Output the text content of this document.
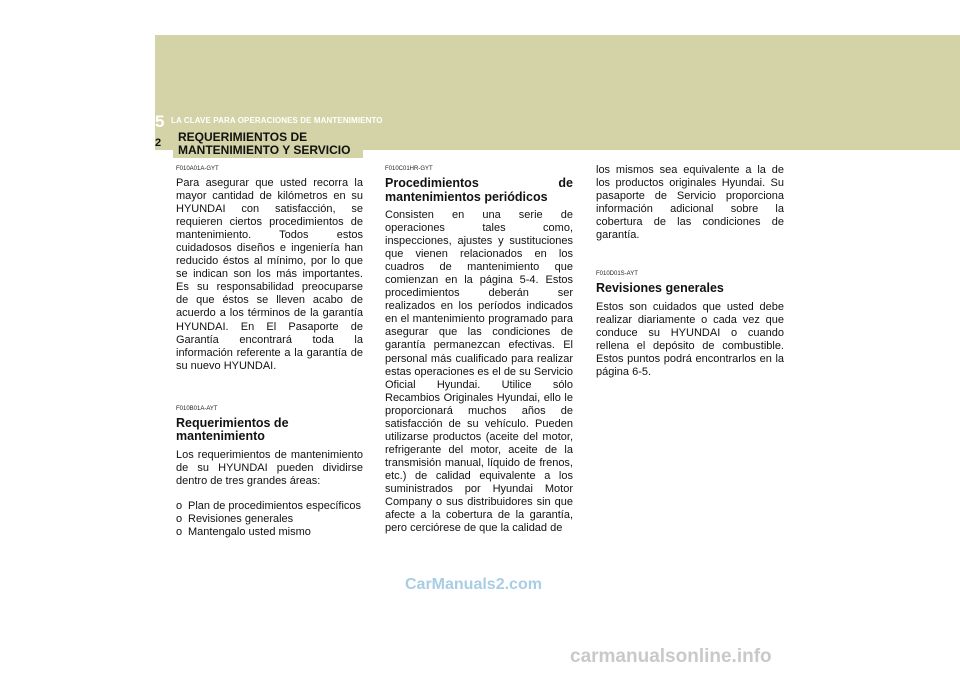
5 LA CLAVE PARA OPERACIONES DE MANTENIMIENTO
2 REQUERIMIENTOS DE
MANTENIMIENTO Y SERVICIO
F010A01A-GYT
Para asegurar que usted recorra la mayor cantidad de kilómetros en su HYUNDAI con satisfacción, se requieren ciertos procedimientos de mantenimiento. Todos estos cuidadosos diseños e ingeniería han reducido éstos al mínimo, por lo que se indican son los más importantes. Es su responsabilidad preocuparse de que éstos se lleven acabo de acuerdo a los términos de la garantía HYUNDAI. En El Pasaporte de Garantía encontrará toda la información referente a la garantía de su nuevo HYUNDAI.
F010B01A-AYT
Requerimientos de
mantenimiento
Los requerimientos de mantenimiento de su HYUNDAI pueden dividirse dentro de tres grandes áreas:
o Plan de procedimientos específicos
o Revisiones generales
o Mantengalo usted mismo
F010C01HR-GYT
Procedimientos de
mantenimientos periódicos
Consisten en una serie de operaciones tales como, inspecciones, ajustes y sustituciones que vienen relacionados en los cuadros de mantenimiento que comienzan en la página 5-4. Estos procedimientos deberán ser realizados en los períodos indicados en el mantenimiento programado para asegurar que las condiciones de garantía permanezcan efectivas. El personal más cualificado para realizar estas operaciones es el de su Servicio Oficial Hyundai. Utilice sólo Recambios Originales Hyundai, ello le proporcionará muchos años de satisfacción de su vehículo. Pueden utilizarse productos (aceite del motor, refrigerante del motor, aceite de la transmisión manual, líquido de frenos, etc.) de calidad equivalente a los suministrados por Hyundai Motor Company o sus distribuidores sin que afecte a la cobertura de la garantía, pero cerciórese de que la calidad de
los mismos sea equivalente a la de los productos originales Hyundai. Su pasaporte de Servicio proporciona información adicional sobre la cobertura de las condiciones de garantía.
F010D01S-AYT
Revisiones generales
Estos son cuidados que usted debe realizar diariamente o cada vez que conduce su HYUNDAI o cuando rellena el depósito de combustible. Estos puntos podrá encontrarlos en la página 6-5.
CarManuals2.com
carmanualsonline.info
